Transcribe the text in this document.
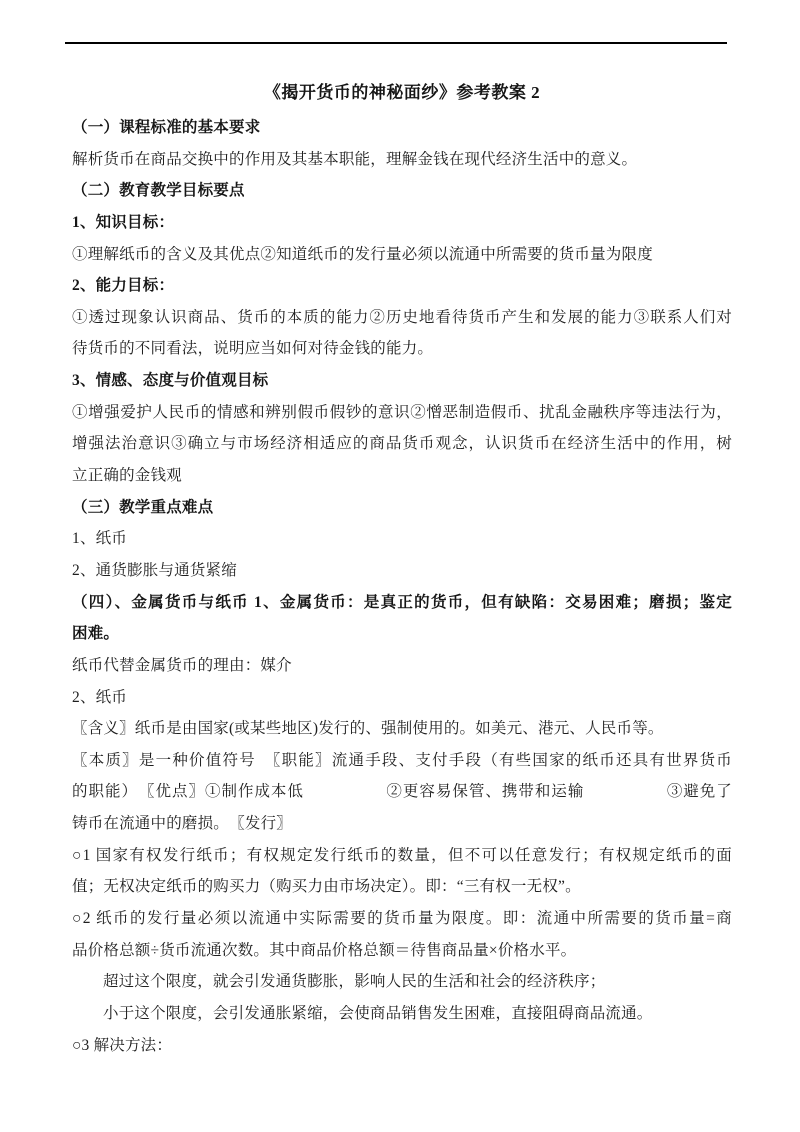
《揭开货币的神秘面纱》参考教案 2
（一）课程标准的基本要求
解析货币在商品交换中的作用及其基本职能，理解金钱在现代经济生活中的意义。
（二）教育教学目标要点
1、知识目标：
①理解纸币的含义及其优点②知道纸币的发行量必须以流通中所需要的货币量为限度
2、能力目标：
①透过现象认识商品、货币的本质的能力②历史地看待货币产生和发展的能力③联系人们对
待货币的不同看法，说明应当如何对待金钱的能力。
3、情感、态度与价值观目标
①增强爱护人民币的情感和辨别假币假钞的意识②憎恶制造假币、扰乱金融秩序等违法行为，
增强法治意识③确立与市场经济相适应的商品货币观念，认识货币在经济生活中的作用，树
立正确的金钱观
（三）教学重点难点
1、纸币
2、通货膨胀与通货紧缩
（四）、金属货币与纸币 1、金属货币：是真正的货币，但有缺陷：交易困难；磨损；鉴定
困难。
纸币代替金属货币的理由：媒介
2、纸币
〖含义〗纸币是由国家(或某些地区)发行的、强制使用的。如美元、港元、人民币等。
〖本质〗是一种价值符号　〖职能〗流通手段、支付手段（有些国家的纸币还具有世界货币
的职能）　〖优点〗①制作成本低　　　　　②更容易保管、携带和运输　　　　　③避免了
铸币在流通中的磨损。　〖发行〗
○1 国家有权发行纸币；有权规定发行纸币的数量，但不可以任意发行；有权规定纸币的面
值；无权决定纸币的购买力（购买力由市场决定）。即：“三有权一无权”。
○2 纸币的发行量必须以流通中实际需要的货币量为限度。即：流通中所需要的货币量=商
品价格总额÷货币流通次数。其中商品价格总额＝待售商品量×价格水平。
超过这个限度，就会引发通货膨胀，影响人民的生活和社会的经济秩序；
小于这个限度，会引发通胀紧缩，会使商品销售发生困难，直接阻碍商品流通。
○3 解决方法：
